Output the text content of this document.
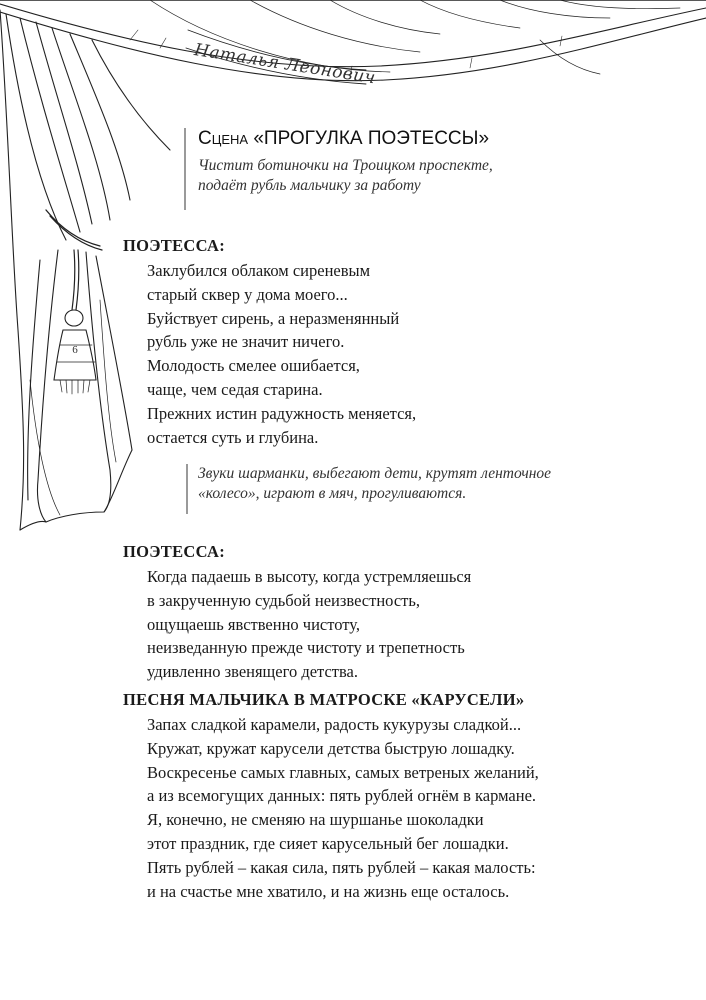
Наталья Леонович
6
Сцена «ПРОГУЛКА ПОЭТЕССЫ»

Чистит ботиночки на Троицком проспекте,

подаёт рубль мальчику за работу

ПОЭТЕССА:

Заклубился облаком сиреневым
старый сквер у дома моего...
Буйствует сирень, а неразменянный
рубль уже не значит ничего.
Молодость смелее ошибается,
чаще, чем седая старина.
Прежних истин радужность меняется,
остается суть и глубина.

Звуки шарманки, выбегают дети, крутят ленточное

«колесо», играют в мяч, прогуливаются.

ПОЭТЕССА:

Когда падаешь в высоту, когда устремляешься
в закрученную судьбой неизвестность,
ощущаешь явственно чистоту,
неизведанную прежде чистоту и трепетность
удивленно звенящего детства.

ПЕСНЯ МАЛЬЧИКА В МАТРОСКЕ «КАРУСЕЛИ»

Запах сладкой карамели, радость кукурузы сладкой...
Кружат, кружат карусели детства быструю лошадку.
Воскресенье самых главных, самых ветреных желаний,
а из всемогущих данных: пять рублей огнём в кармане.
Я, конечно, не сменяю на шуршанье шоколадки
этот праздник, где сияет карусельный бег лошадки.
Пять рублей – какая сила, пять рублей – какая малость:
и на счастье мне хватило, и на жизнь еще осталось.
